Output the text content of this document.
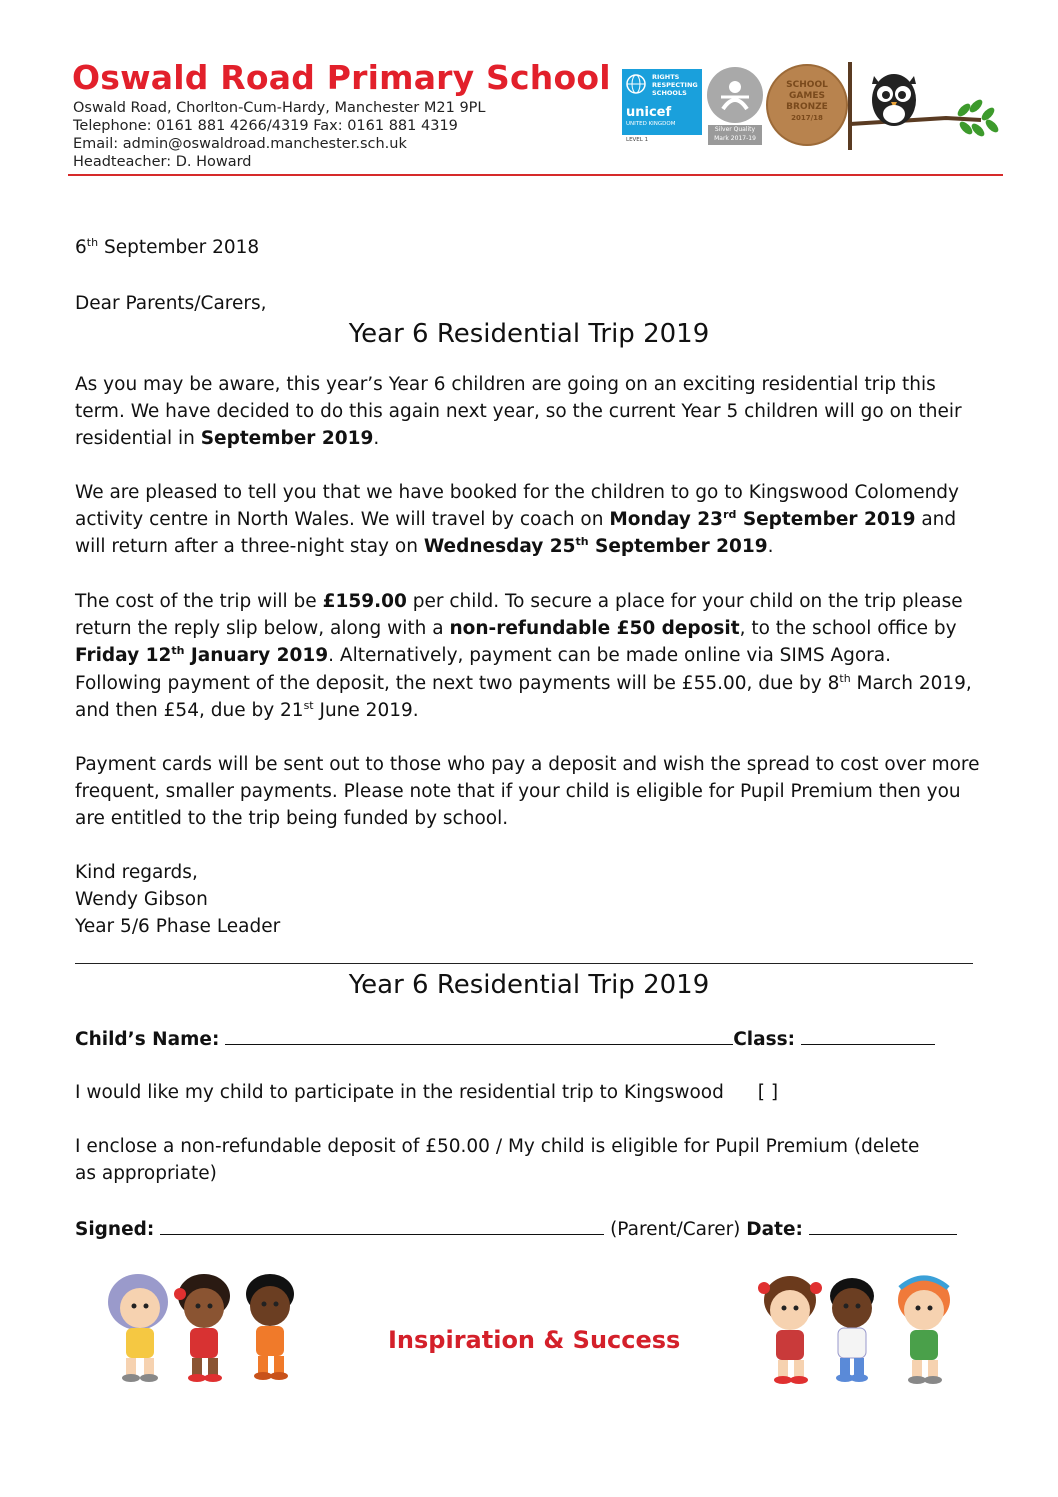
Oswald Road Primary School
Oswald Road, Chorlton-Cum-Hardy, Manchester M21 9PL
Telephone: 0161 881 4266/4319 Fax: 0161 881 4319
Email: admin@oswaldroad.manchester.sch.uk
Headteacher: D. Howard
RIGHTS
RESPECTING
SCHOOLS
unicef
UNITED KINGDOM
LEVEL 1
Silver Quality Mark 2017-19
SCHOOL
GAMES
BRONZE
2017/18
6th September 2018
Dear Parents/Carers,
Year 6 Residential Trip 2019
As you may be aware, this year’s Year 6 children are going on an exciting residential trip this term. We have decided to do this again next year, so the current Year 5 children will go on their residential in September 2019.
We are pleased to tell you that we have booked for the children to go to Kingswood Colomendy activity centre in North Wales. We will travel by coach on Monday 23rd September 2019 and will return after a three-night stay on Wednesday 25th September 2019.
The cost of the trip will be £159.00 per child. To secure a place for your child on the trip please return the reply slip below, along with a non-refundable £50 deposit, to the school office by Friday 12th January 2019. Alternatively, payment can be made online via SIMS Agora. Following payment of the deposit, the next two payments will be £55.00, due by 8th March 2019, and then £54, due by 21st June 2019.
Payment cards will be sent out to those who pay a deposit and wish the spread to cost over more frequent, smaller payments. Please note that if your child is eligible for Pupil Premium then you are entitled to the trip being funded by school.
Kind regards,
Wendy Gibson
Year 5/6 Phase Leader
Year 6 Residential Trip 2019
Child’s Name:	Class:
I would like my child to participate in the residential trip to Kingswood [ ]
I enclose a non-refundable deposit of £50.00 / My child is eligible for Pupil Premium (delete as appropriate)
Signed:	(Parent/Carer) Date:
Inspiration & Success
